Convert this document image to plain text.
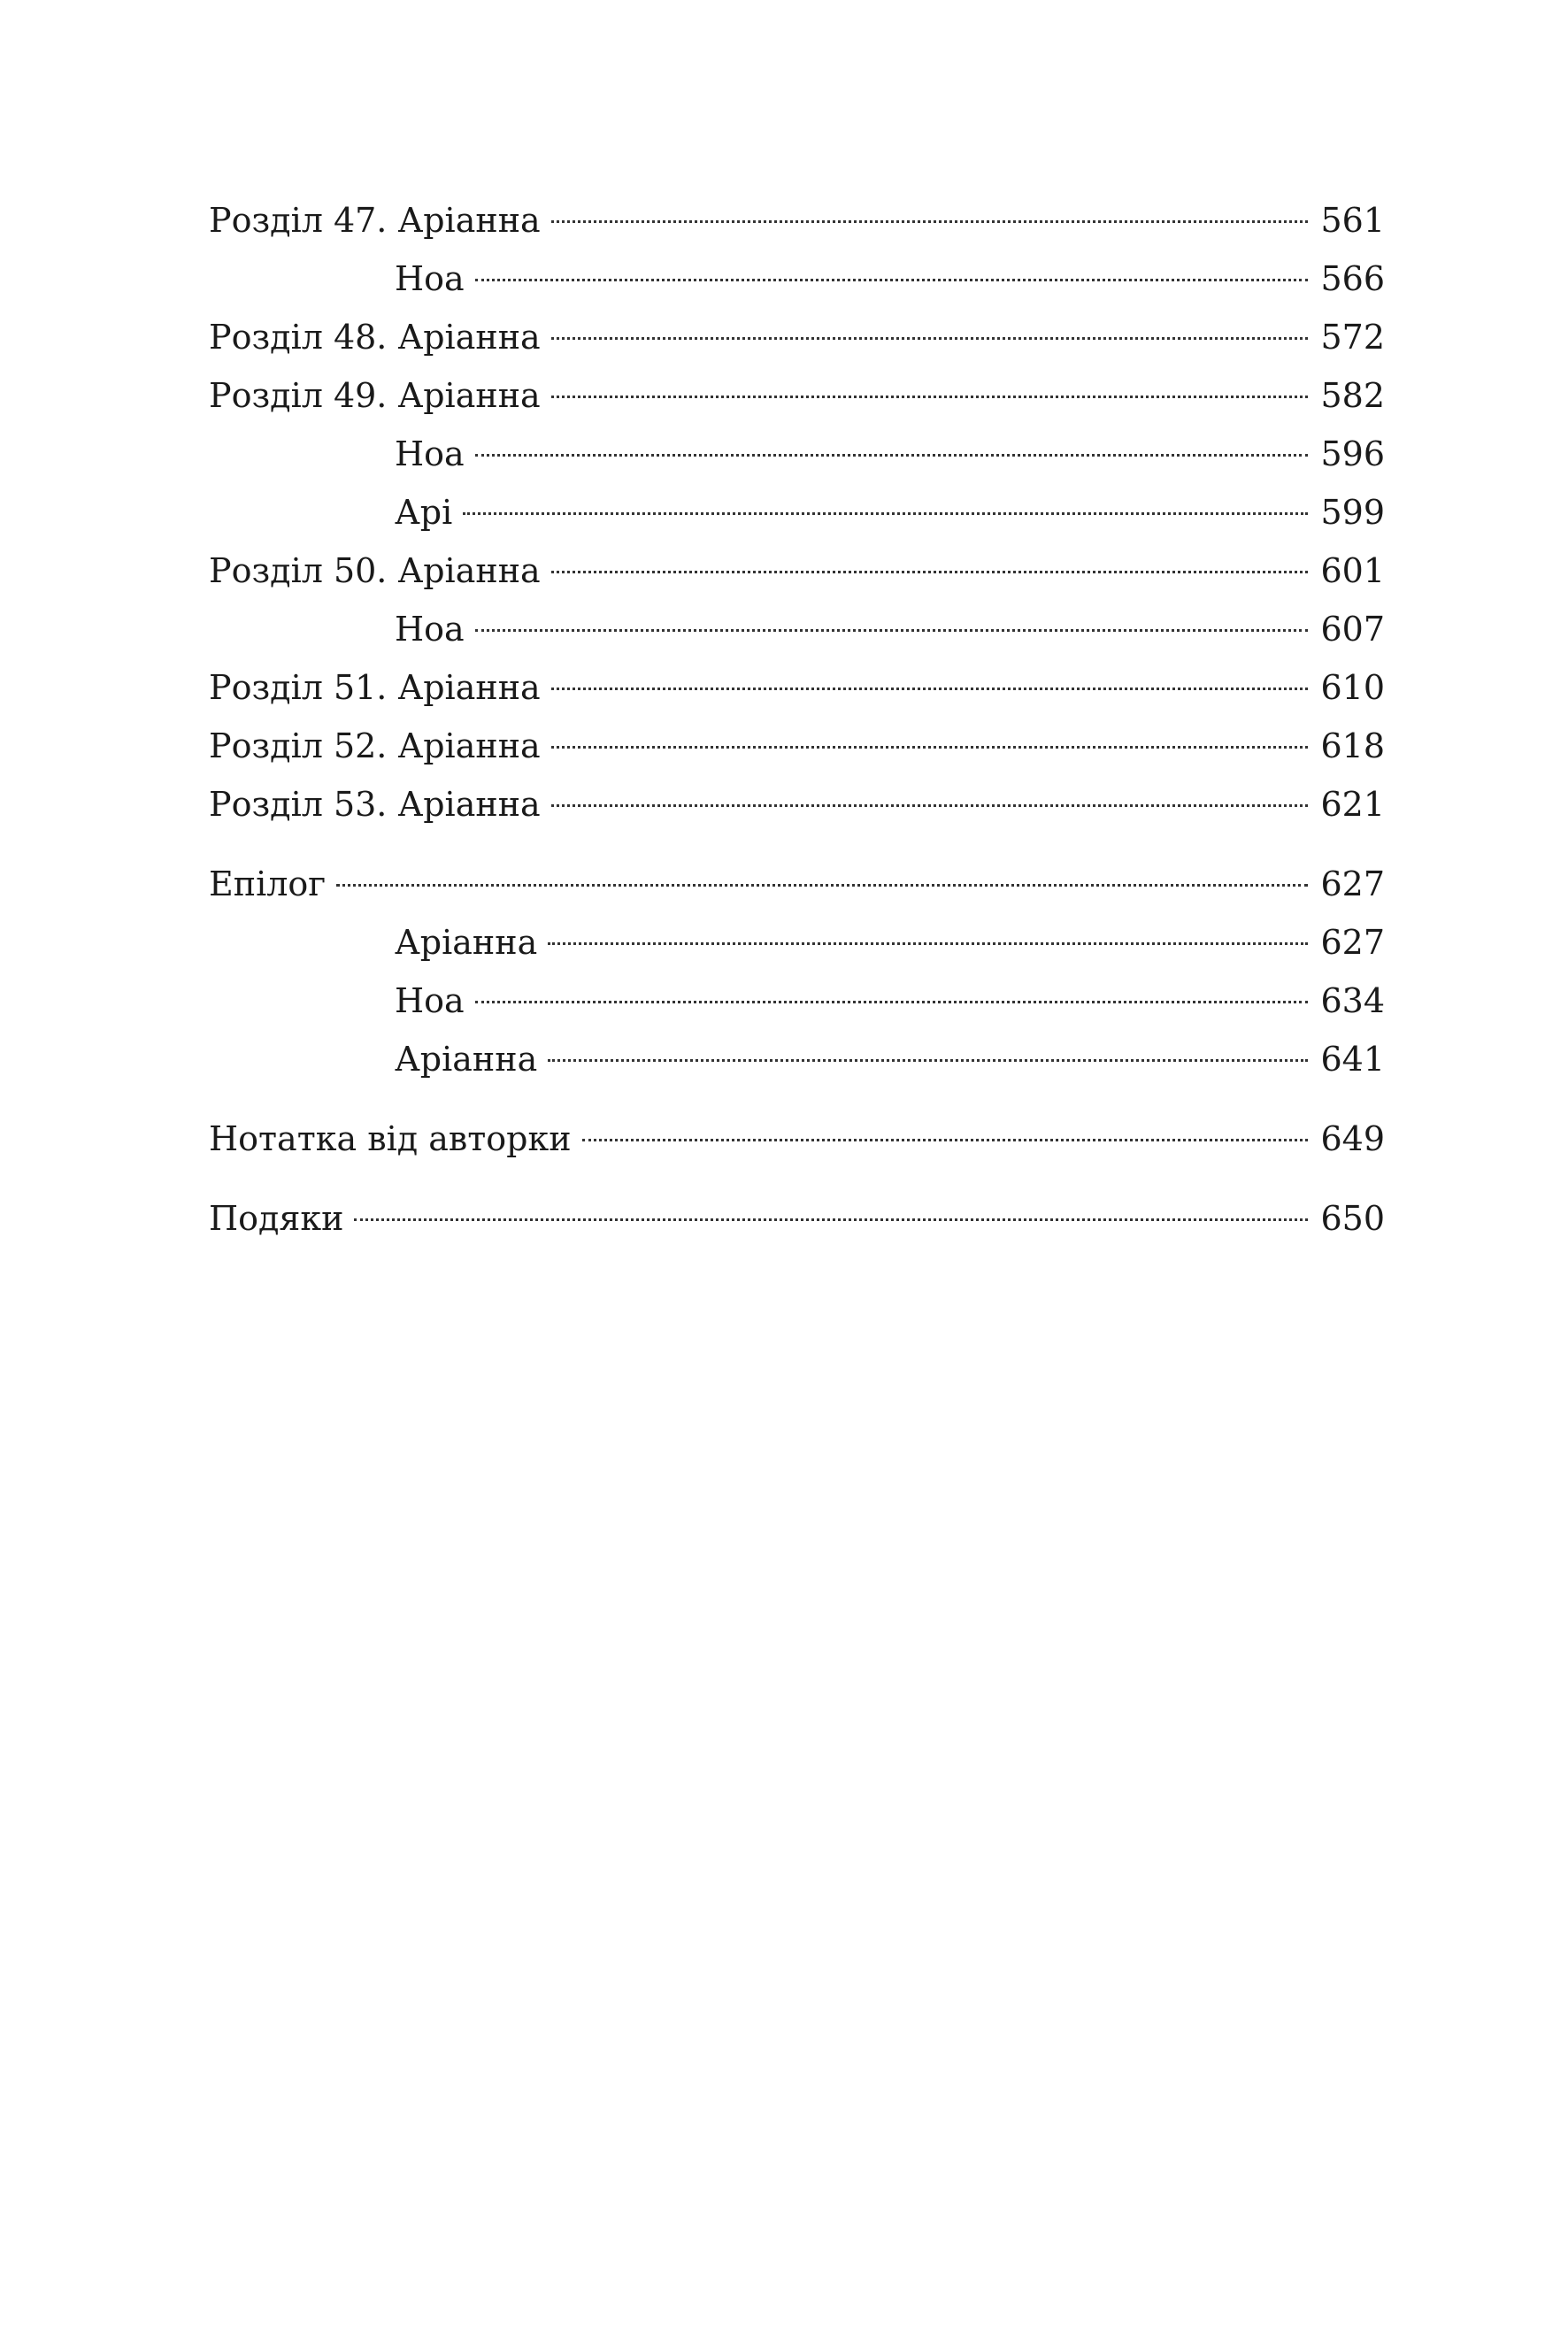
Розділ 47. Аріанна	561
Ноа	566
Розділ 48. Аріанна	572
Розділ 49. Аріанна	582
Ноа	596
Арі	599
Розділ 50. Аріанна	601
Ноа	607
Розділ 51. Аріанна	610
Розділ 52. Аріанна	618
Розділ 53. Аріанна	621
Епілог	627
Аріанна	627
Ноа	634
Аріанна	641
Нотатка від авторки	649
Подяки	650
